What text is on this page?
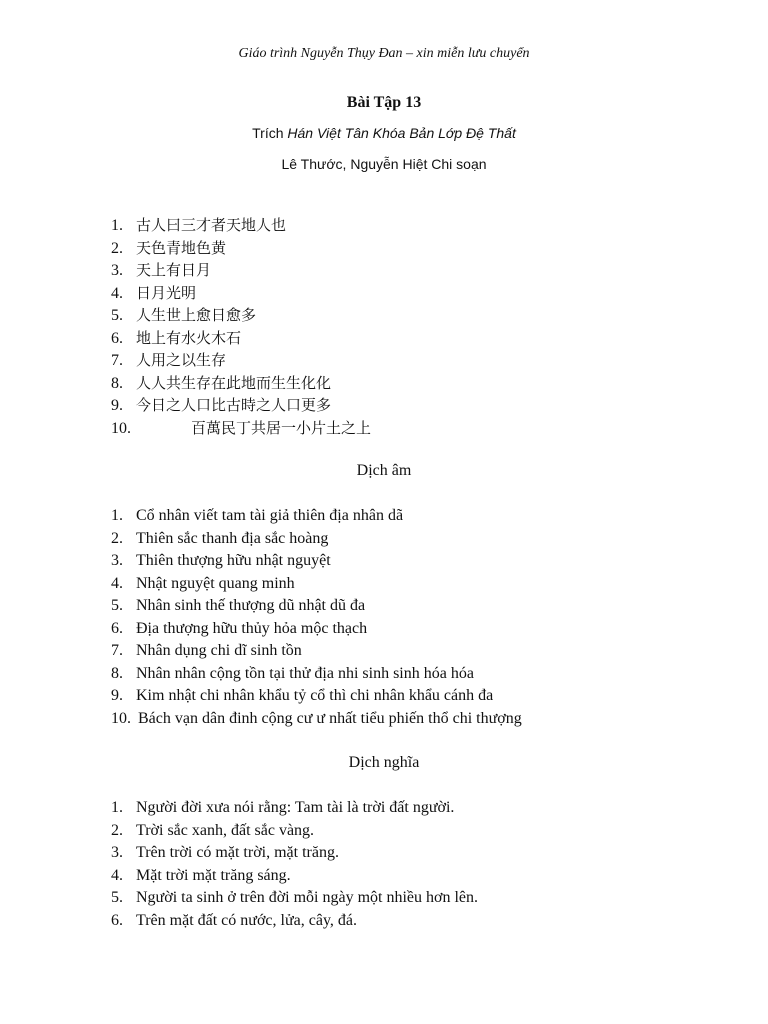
Giáo trình Nguyễn Thụy Đan – xin miễn lưu chuyển
Bài Tập 13
Trích Hán Việt Tân Khóa Bản Lớp Đệ Thất
Lê Thước, Nguyễn Hiệt Chi soạn
1. 古人曰三才者天地人也
2. 天色青地色黄
3. 天上有日月
4. 日月光明
5. 人生世上愈日愈多
6. 地上有水火木石
7. 人用之以生存
8. 人人共生存在此地而生生化化
9. 今日之人口比古時之人口更多
10.	百萬民丁共居一小片土之上
Dịch âm
1. Cổ nhân viết tam tài giả thiên địa nhân dã
2. Thiên sắc thanh địa sắc hoàng
3. Thiên thượng hữu nhật nguyệt
4. Nhật nguyệt quang minh
5. Nhân sinh thế thượng dũ nhật dũ đa
6. Địa thượng hữu thủy hỏa mộc thạch
7. Nhân dụng chi dĩ sinh tồn
8. Nhân nhân cộng tồn tại thử địa nhi sinh sinh hóa hóa
9. Kim nhật chi nhân khẩu tỷ cổ thì chi nhân khẩu cánh đa
10. Bách vạn dân đinh cộng cư ư nhất tiểu phiến thổ chi thượng
Dịch nghĩa
1. Người đời xưa nói rằng: Tam tài là trời đất người.
2. Trời sắc xanh, đất sắc vàng.
3. Trên trời có mặt trời, mặt trăng.
4. Mặt trời mặt trăng sáng.
5. Người ta sinh ở trên đời mỗi ngày một nhiều hơn lên.
6. Trên mặt đất có nước, lửa, cây, đá.
